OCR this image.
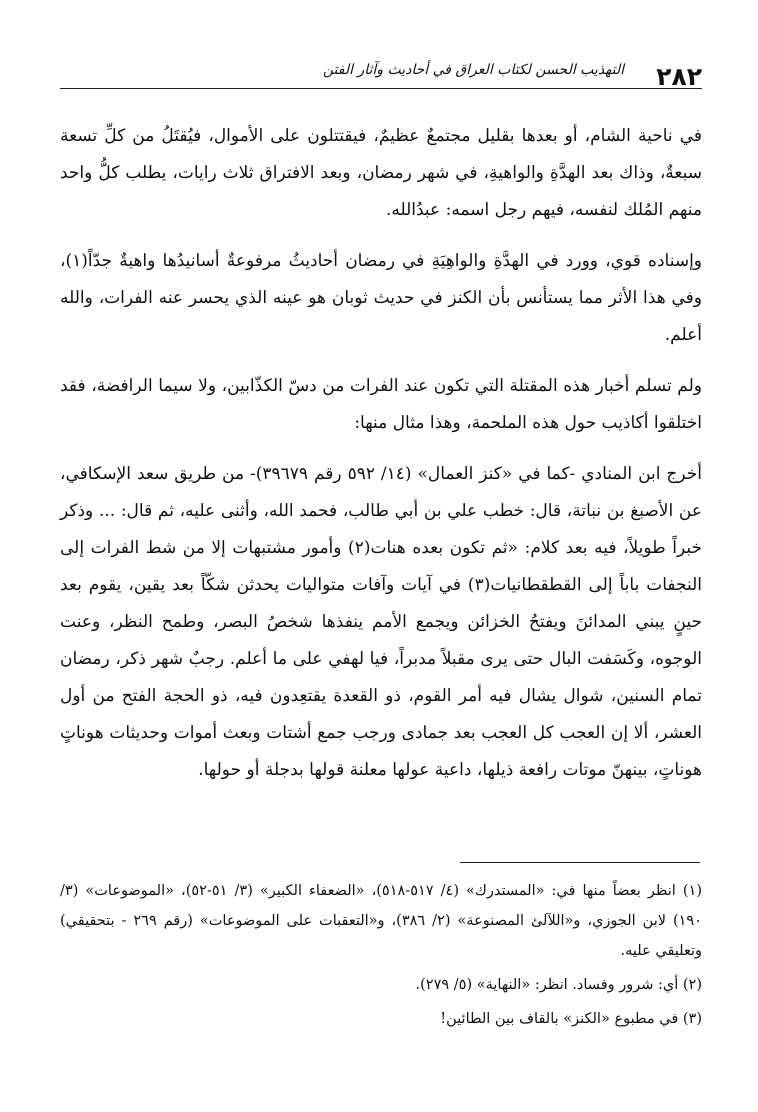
٢٨٢
التهذيب الحسن لكتاب العراق في أحاديث وآثار الفتن

في ناحية الشام، أو بعدها بقليل مجتمعٌ عظيمٌ، فيقتتلون على الأموال، فيُقتَلُ من كلِّ تسعة سبعةٌ، وذاك بعد الهدَّةِ والواهيةِ، في شهر رمضان، وبعد الافتراق ثلاث رايات، يطلب كلُّ واحد منهم المُلك لنفسه، فيهم رجل اسمه: عبدُالله.

وإسناده قوي، وورد في الهدَّةِ والواهِيَةِ في رمضان أحاديثُ مرفوعةٌ أسانيدُها واهيةٌ جدّاً(١)، وفي هذا الأثر مما يستأنس بأن الكنز في حديث ثوبان هو عينه الذي يحسر عنه الفرات، والله أعلم.

ولم تسلم أخبار هذه المقتلة التي تكون عند الفرات من دسّ الكذّابين، ولا سيما الرافضة، فقد اختلقوا أكاذيب حول هذه الملحمة، وهذا مثال منها:

أخرج ابن المنادي -كما في «كنز العمال» (١٤/ ٥٩٢ رقم ٣٩٦٧٩)- من طريق سعد الإسكافي، عن الأصبغ بن نباتة، قال: خطب علي بن أبي طالب، فحمد الله، وأثنى عليه، ثم قال: ... وذكر خبراً طويلاً، فيه بعد كلام: «ثم تكون بعده هنات(٢) وأمور مشتبهات إلا من شط الفرات إلى النجفات باباً إلى القطقطانيات(٣) في آيات وآفات متواليات يحدثن شكّاً بعد يقين، يقوم بعد حينٍ يبني المدائنَ ويفتحُ الخزائن ويجمع الأمم ينفذها شخصُ البصر، وطمح النظر، وعنت الوجوه، وكَسَفت البال حتى يرى مقبلاً مدبراً، فيا لهفي على ما أعلم. رجبٌ شهر ذكر، رمضان تمام السنين، شوال يشال فيه أمر القوم، ذو القعدة يقتعِدون فيه، ذو الحجة الفتح من أول العشر، ألا إن العجب كل العجب بعد جمادى ورجب جمع أشتات وبعث أموات وحديثات هوناتٍ هوناتٍ، بينهنّ موتات رافعة ذيلها، داعية عولها معلنة قولها بدجلة أو حولها.

(١) انظر بعضاً منها في: «المستدرك» (٤/ ٥١٧-٥١٨)، «الضعفاء الكبير» (٣/ ٥١-٥٢)، «الموضوعات» (٣/ ١٩٠) لابن الجوزي، و«اللآلئ المصنوعة» (٢/ ٣٨٦)، و«التعقبات على الموضوعات» (رقم ٢٦٩ - بتحقيقي) وتعليقي عليه.

(٢) أي: شرور وفساد. انظر: «النهاية» (٥/ ٢٧٩).

(٣) في مطبوع «الكنز» بالقاف بين الطائين!
